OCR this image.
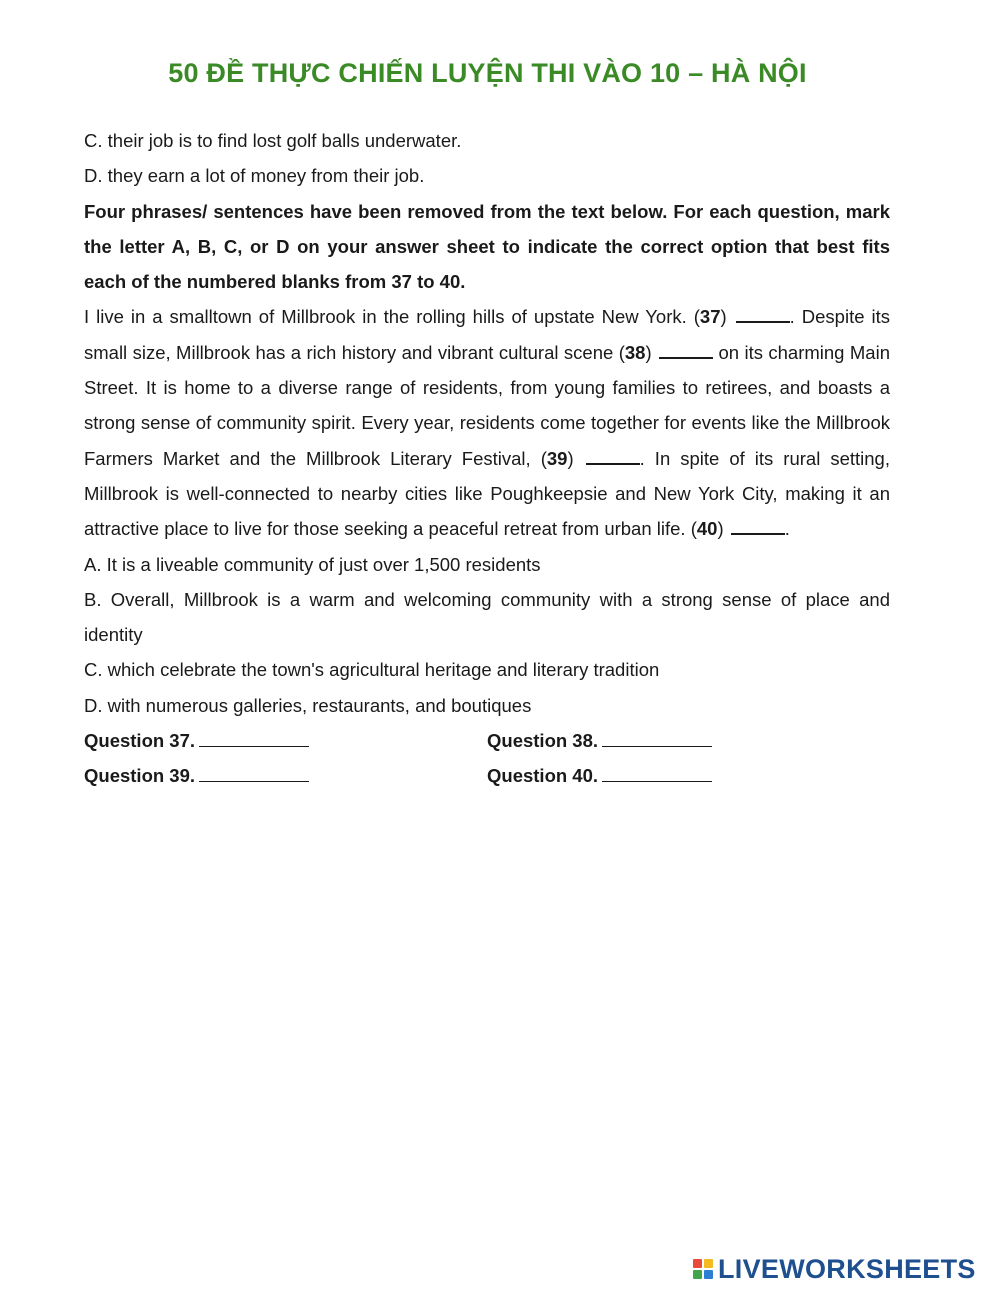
50 ĐỀ THỰC CHIẾN LUYỆN THI VÀO 10 – HÀ NỘI

C. their job is to find lost golf balls underwater.

D. they earn a lot of money from their job.

Four phrases/ sentences have been removed from the text below. For each question, mark the letter A, B, C, or D on your answer sheet to indicate the correct option that best fits each of the numbered blanks from 37 to 40.

I live in a smalltown of Millbrook in the rolling hills of upstate New York. (37)	. Despite its small size, Millbrook has a rich history and vibrant cultural scene (38)	on its charming Main Street. It is home to a diverse range of residents, from young families to retirees, and boasts a strong sense of community spirit. Every year, residents come together for events like the Millbrook Farmers Market and the Millbrook Literary Festival, (39)	. In spite of its rural setting, Millbrook is well-connected to nearby cities like Poughkeepsie and New York City, making it an attractive place to live for those seeking a peaceful retreat from urban life. (40)	.

A. It is a liveable community of just over 1,500 residents

B. Overall, Millbrook is a warm and welcoming community with a strong sense of place and identity

C. which celebrate the town's agricultural heritage and literary tradition

D. with numerous galleries, restaurants, and boutiques

Question 37.	Question 38.
Question 39.	Question 40.
LIVEWORKSHEETS
